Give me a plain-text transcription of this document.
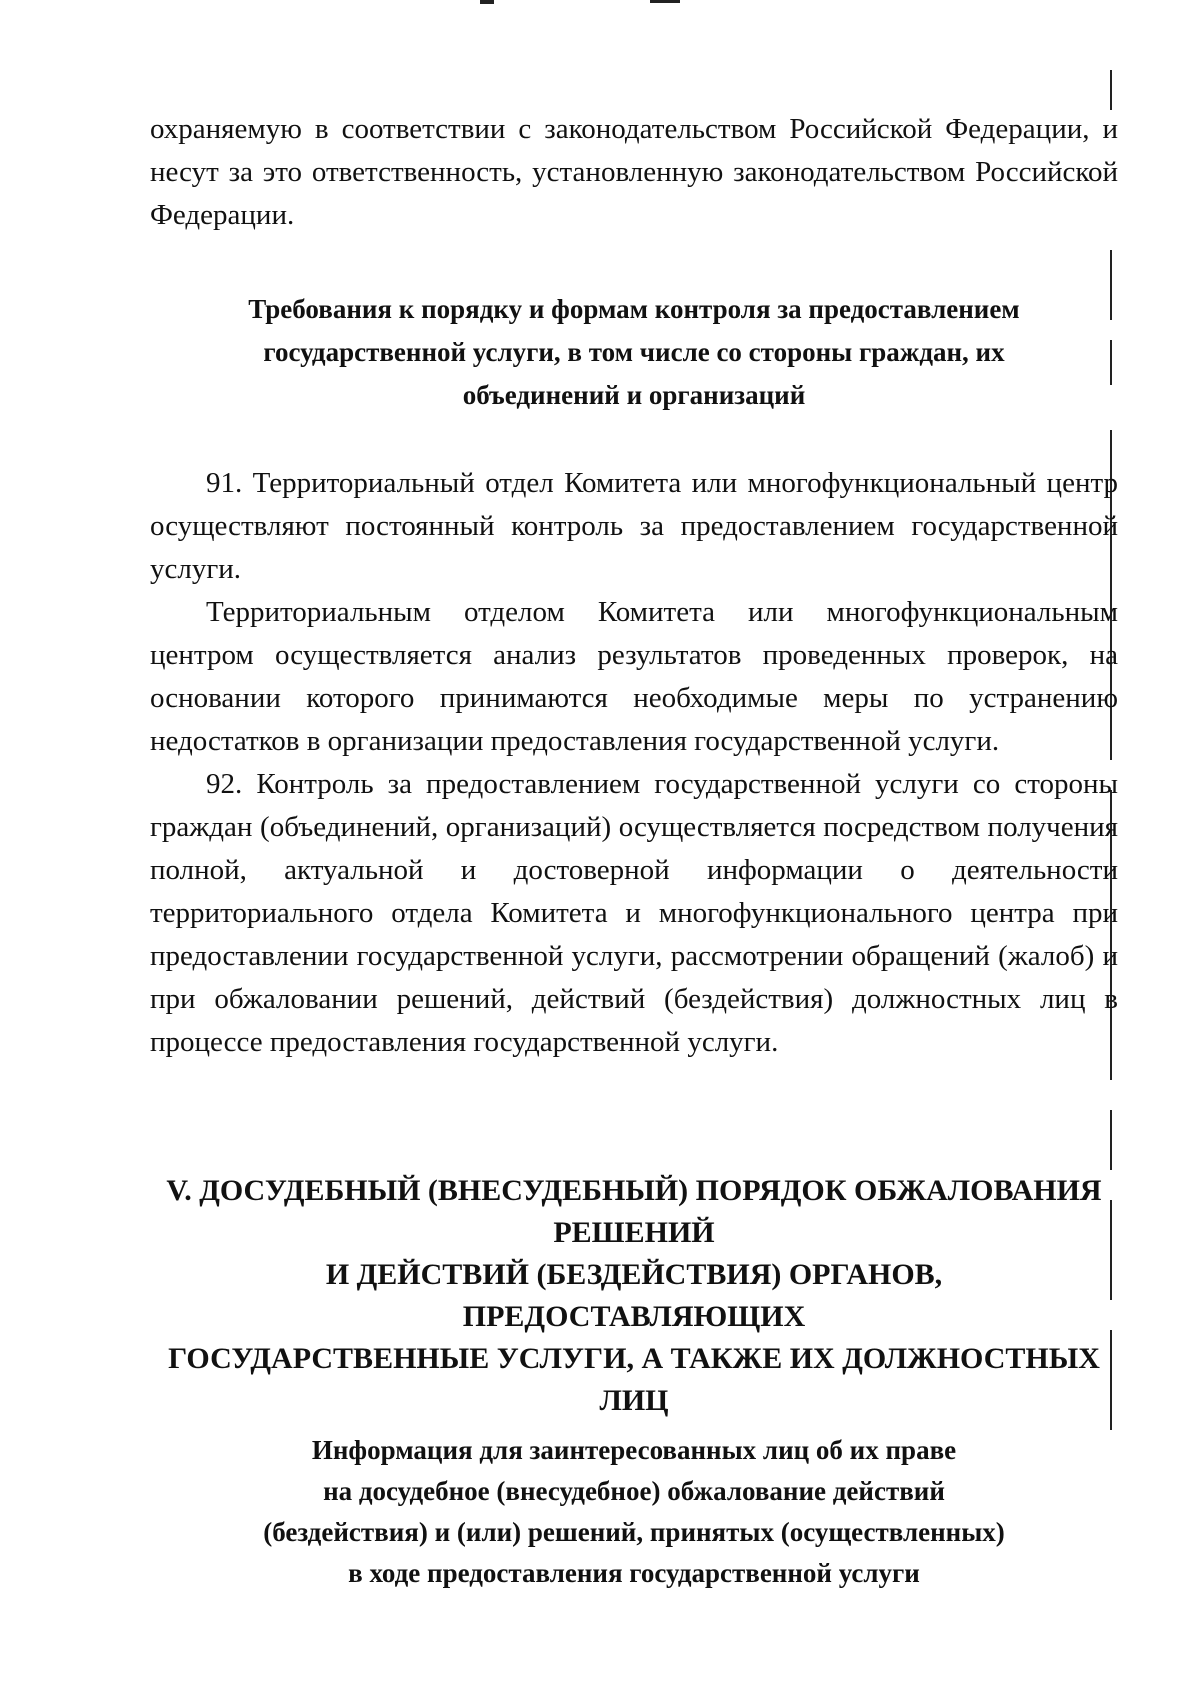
охраняемую в соответствии с законодательством Российской Федерации, и несут за это ответственность, установленную законодательством Российской Федерации.

Требования к порядку и формам контроля за предоставлением
государственной услуги, в том числе со стороны граждан, их
объединений и организаций

91. Территориальный отдел Комитета или многофункциональный центр осуществляют постоянный контроль за предоставлением государственной услуги.

Территориальным отделом Комитета или многофункциональным центром осуществляется анализ результатов проведенных проверок, на основании которого принимаются необходимые меры по устранению недостатков в организации предоставления государственной услуги.

92. Контроль за предоставлением государственной услуги со стороны граждан (объединений, организаций) осуществляется посредством получения полной, актуальной и достоверной информации о деятельности территориального отдела Комитета и многофункционального центра при предоставлении государственной услуги, рассмотрении обращений (жалоб) и при обжаловании решений, действий (бездействия) должностных лиц в процессе предоставления государственной услуги.

V. ДОСУДЕБНЫЙ (ВНЕСУДЕБНЫЙ) ПОРЯДОК ОБЖАЛОВАНИЯ
РЕШЕНИЙ
И ДЕЙСТВИЙ (БЕЗДЕЙСТВИЯ) ОРГАНОВ,
ПРЕДОСТАВЛЯЮЩИХ
ГОСУДАРСТВЕННЫЕ УСЛУГИ, А ТАКЖЕ ИХ ДОЛЖНОСТНЫХ
ЛИЦ
Информация для заинтересованных лиц об их праве
на досудебное (внесудебное) обжалование действий
(бездействия) и (или) решений, принятых (осуществленных)
в ходе предоставления государственной услуги
